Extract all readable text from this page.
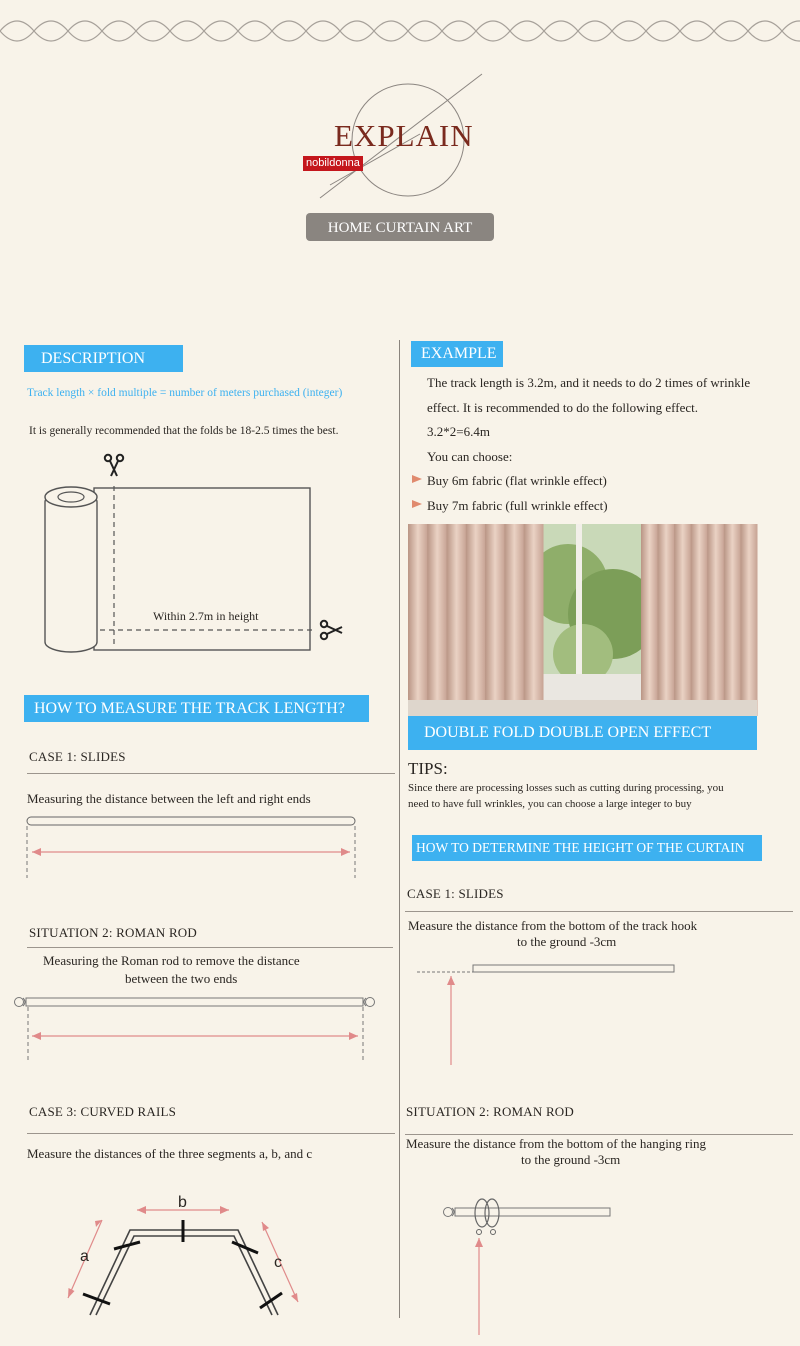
EXPLAIN
nobildonna
HOME CURTAIN ART
DESCRIPTION
Track length × fold multiple = number of meters purchased (integer)
It is generally recommended that the folds be 18-2.5 times the best.
Within 2.7m in height
HOW TO MEASURE THE TRACK LENGTH?
CASE 1: SLIDES
Measuring the distance between the left and right ends
SITUATION 2: ROMAN ROD
Measuring the Roman rod to remove the distance
between the two ends
CASE 3: CURVED RAILS
Measure the distances of the three segments a, b, and c
a
b
c
EXAMPLE
The track length is 3.2m, and it needs to do 2 times of wrinkle
effect. It is recommended to do the following effect.
3.2*2=6.4m
You can choose:
Buy 6m fabric (flat wrinkle effect)
Buy 7m fabric (full wrinkle effect)
DOUBLE FOLD DOUBLE OPEN EFFECT
TIPS:
Since there are processing losses such as cutting during processing, you
need to have full wrinkles, you can choose a large integer to buy
HOW TO DETERMINE THE HEIGHT OF THE CURTAIN
CASE 1: SLIDES
Measure the distance from the bottom of the track hook
to the ground -3cm
SITUATION 2: ROMAN ROD
Measure the distance from the bottom of the hanging ring
to the ground -3cm
